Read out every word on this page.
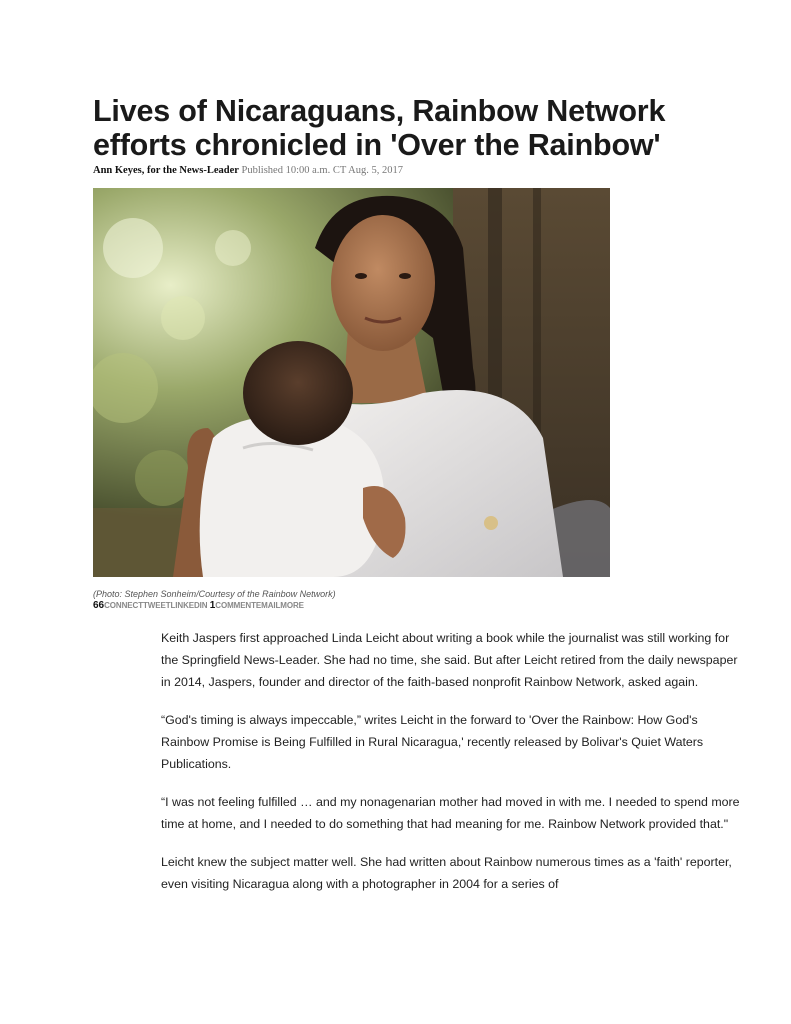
Lives of Nicaraguans, Rainbow Network
efforts chronicled in 'Over the Rainbow'
Ann Keyes, for the News-Leader Published 10:00 a.m. CT Aug. 5, 2017
(Photo: Stephen Sonheim/Courtesy of the Rainbow Network)
66CONNECTTWEETLINKEDIN 1COMMENTEMAILMORE

Keith Jaspers first approached Linda Leicht about writing a book while the journalist was still working for the Springfield News-Leader. She had no time, she said. But after Leicht retired from the daily newspaper in 2014, Jaspers, founder and director of the faith-based nonprofit Rainbow Network, asked again.

“God's timing is always impeccable,” writes Leicht in the forward to 'Over the Rainbow: How God's Rainbow Promise is Being Fulfilled in Rural Nicaragua,' recently released by Bolivar's Quiet Waters Publications.

“I was not feeling fulfilled … and my nonagenarian mother had moved in with me. I needed to spend more time at home, and I needed to do something that had meaning for me. Rainbow Network provided that."

Leicht knew the subject matter well. She had written about Rainbow numerous times as a 'faith' reporter, even visiting Nicaragua along with a photographer in 2004 for a series of
